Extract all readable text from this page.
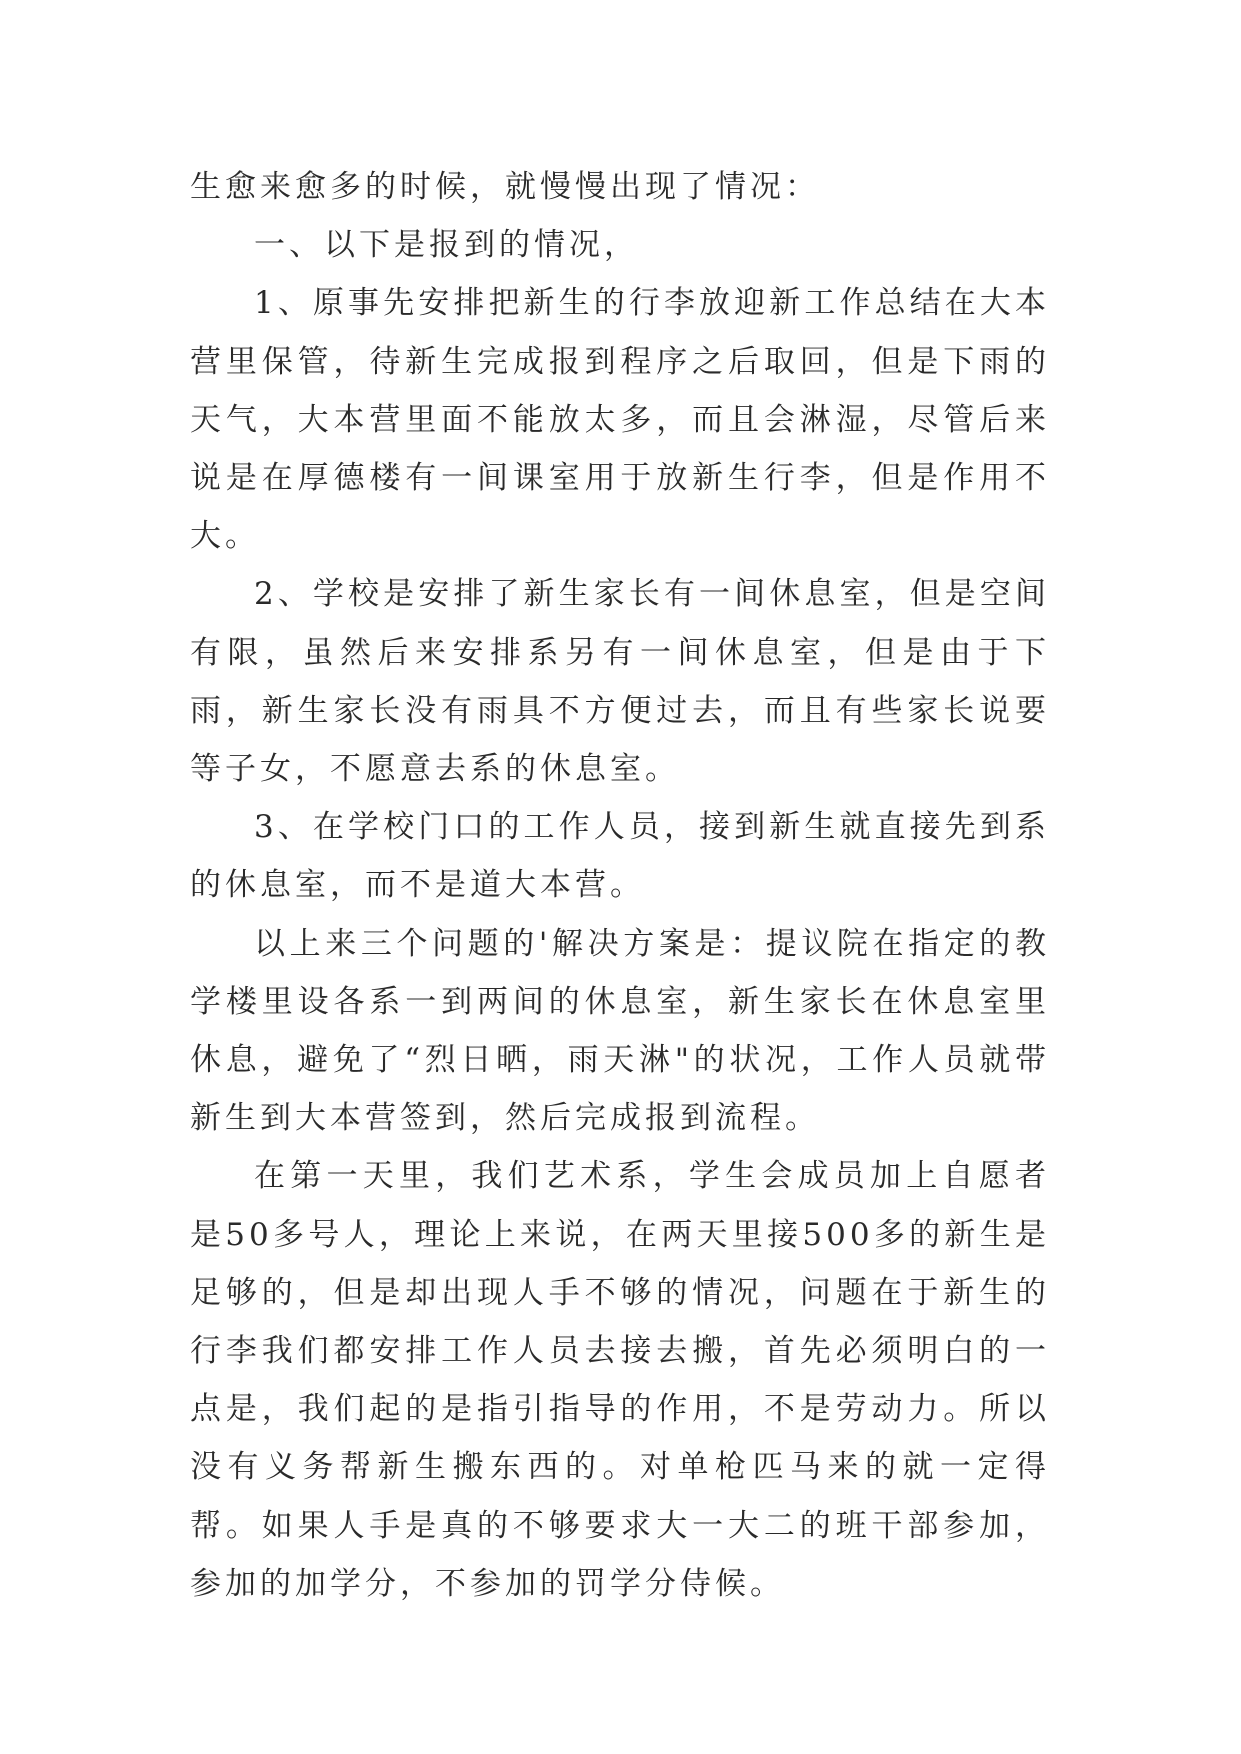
生愈来愈多的时候，就慢慢出现了情况：

一、以下是报到的情况，

1、原事先安排把新生的行李放迎新工作总结在大本营里保管，待新生完成报到程序之后取回，但是下雨的天气，大本营里面不能放太多，而且会淋湿，尽管后来说是在厚德楼有一间课室用于放新生行李，但是作用不大。

2、学校是安排了新生家长有一间休息室，但是空间有限，虽然后来安排系另有一间休息室，但是由于下雨，新生家长没有雨具不方便过去，而且有些家长说要等子女，不愿意去系的休息室。

3、在学校门口的工作人员，接到新生就直接先到系的休息室，而不是道大本营。

以上来三个问题的'解决方案是：提议院在指定的教学楼里设各系一到两间的休息室，新生家长在休息室里休息，避免了“烈日晒，雨天淋"的状况，工作人员就带新生到大本营签到，然后完成报到流程。

在第一天里，我们艺术系，学生会成员加上自愿者是50多号人，理论上来说，在两天里接500多的新生是足够的，但是却出现人手不够的情况，问题在于新生的行李我们都安排工作人员去接去搬，首先必须明白的一点是，我们起的是指引指导的作用，不是劳动力。所以没有义务帮新生搬东西的。对单枪匹马来的就一定得帮。如果人手是真的不够要求大一大二的班干部参加，参加的加学分，不参加的罚学分侍候。
